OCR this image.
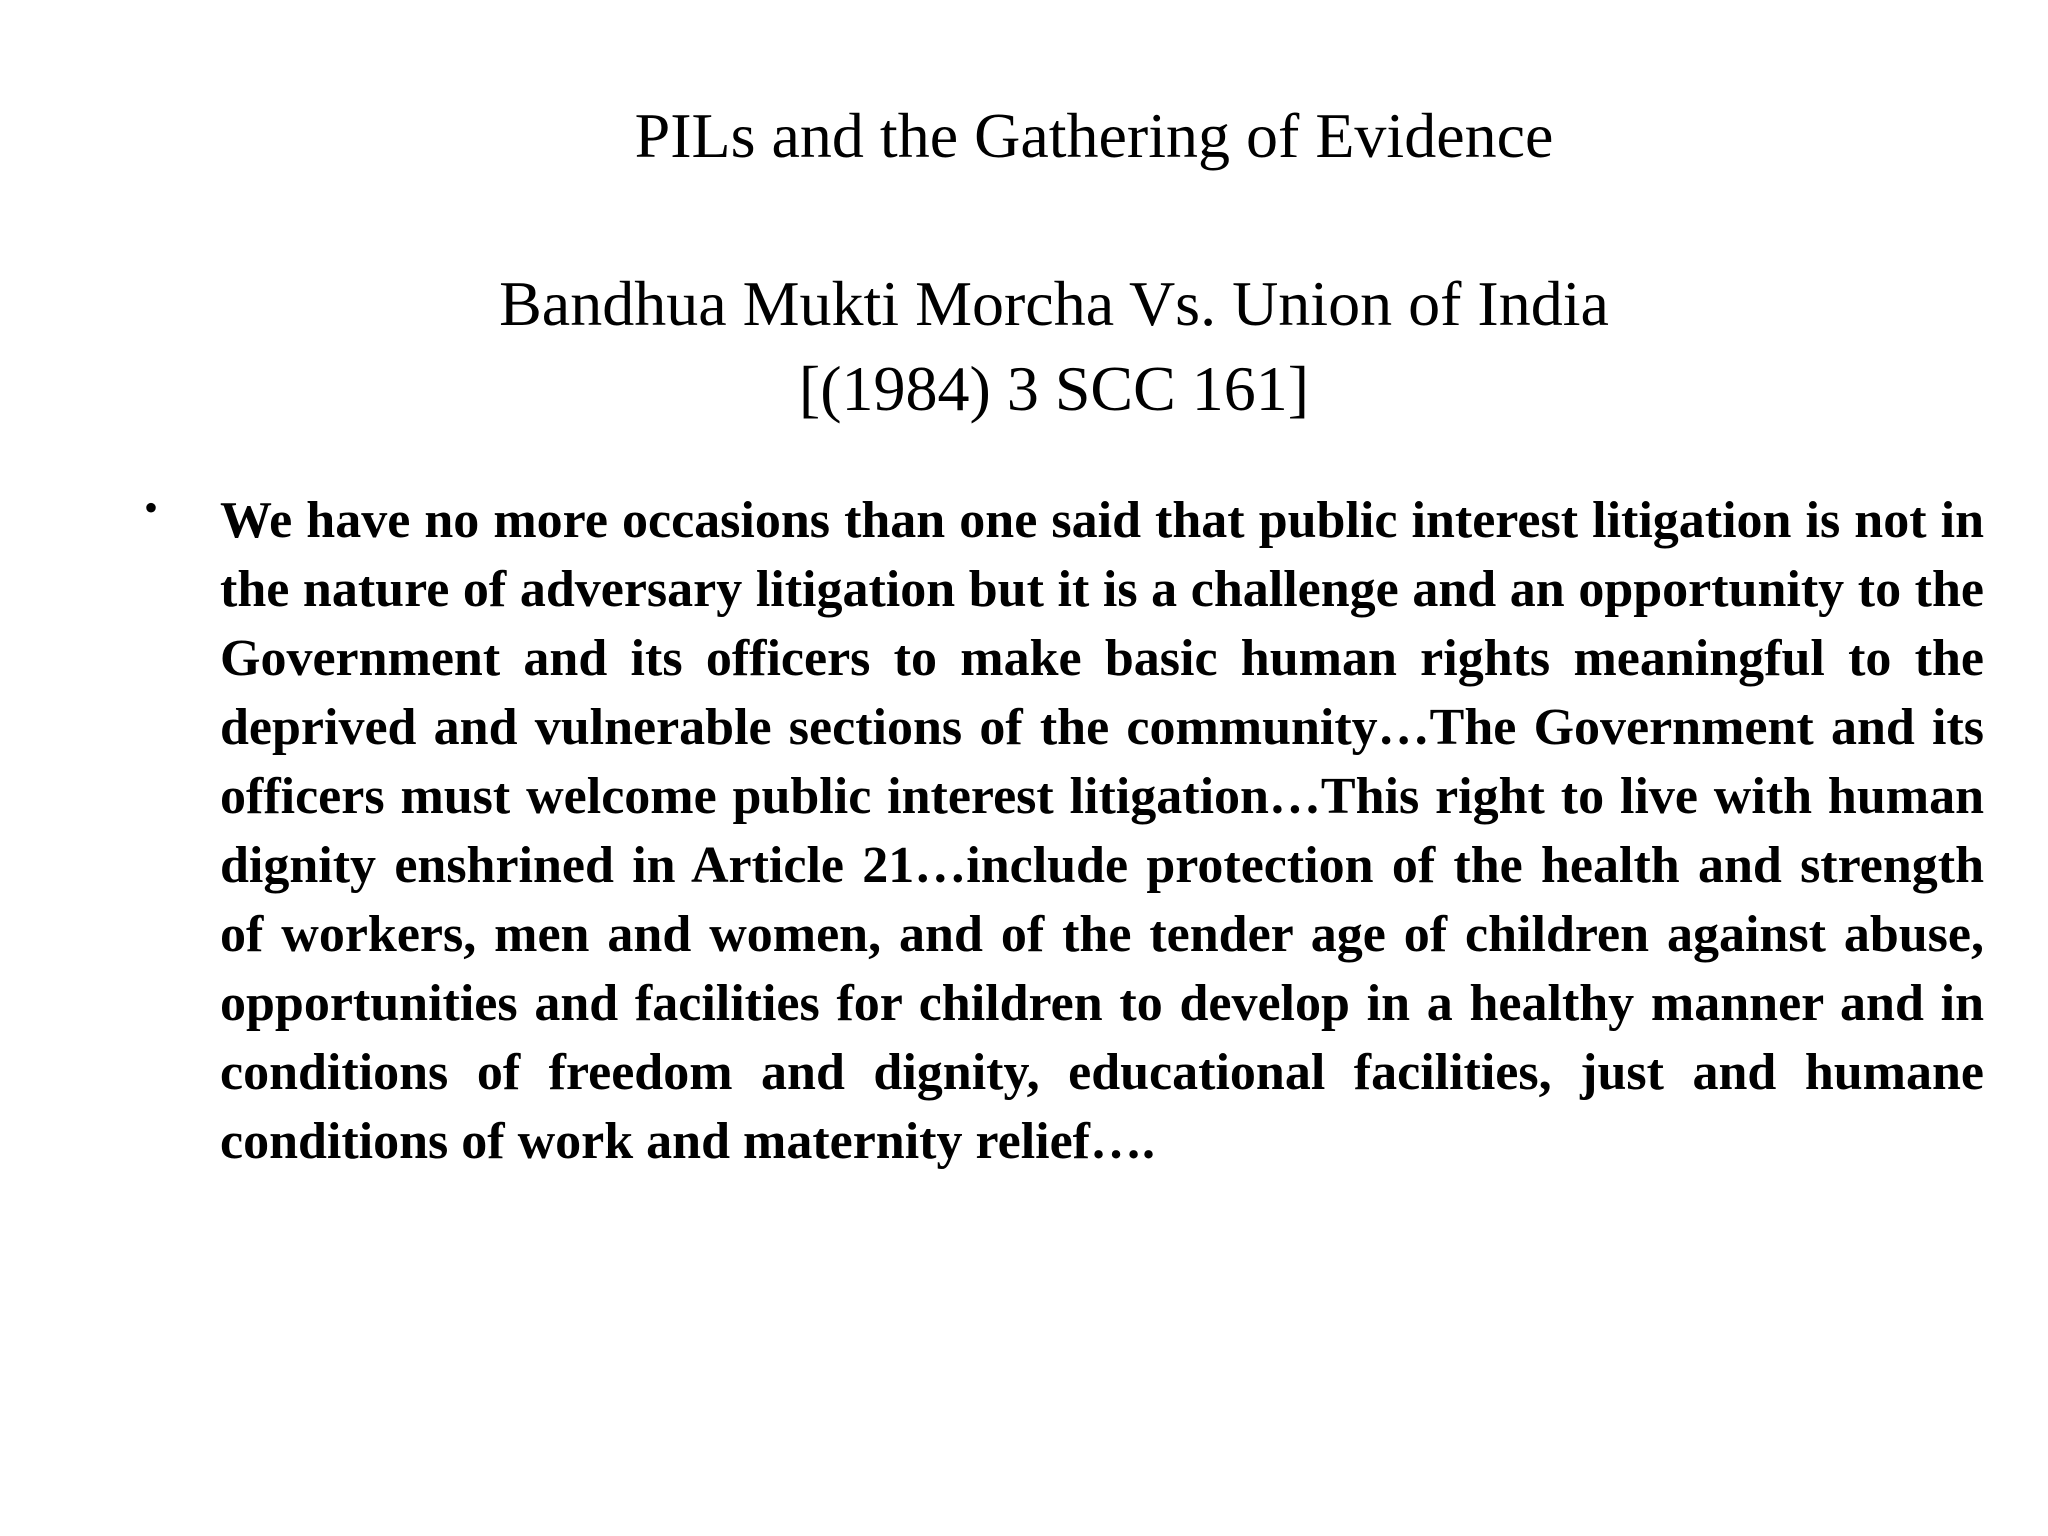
PILs and the Gathering of Evidence
Bandhua Mukti Morcha Vs. Union of India
[(1984) 3 SCC 161]
• We have no more occasions than one said that public interest litigation is not in the nature of adversary litigation but it is a challenge and an opportunity to the Government and its officers to make basic human rights meaningful to the deprived and vulnerable sections of the community…The Government and its officers must welcome public interest litigation…This right to live with human dignity enshrined in Article 21…include protection of the health and strength of workers, men and women, and of the tender age of children against abuse, opportunities and facilities for children to develop in a healthy manner and in conditions of freedom and dignity, educational facilities, just and humane conditions of work and maternity relief….
